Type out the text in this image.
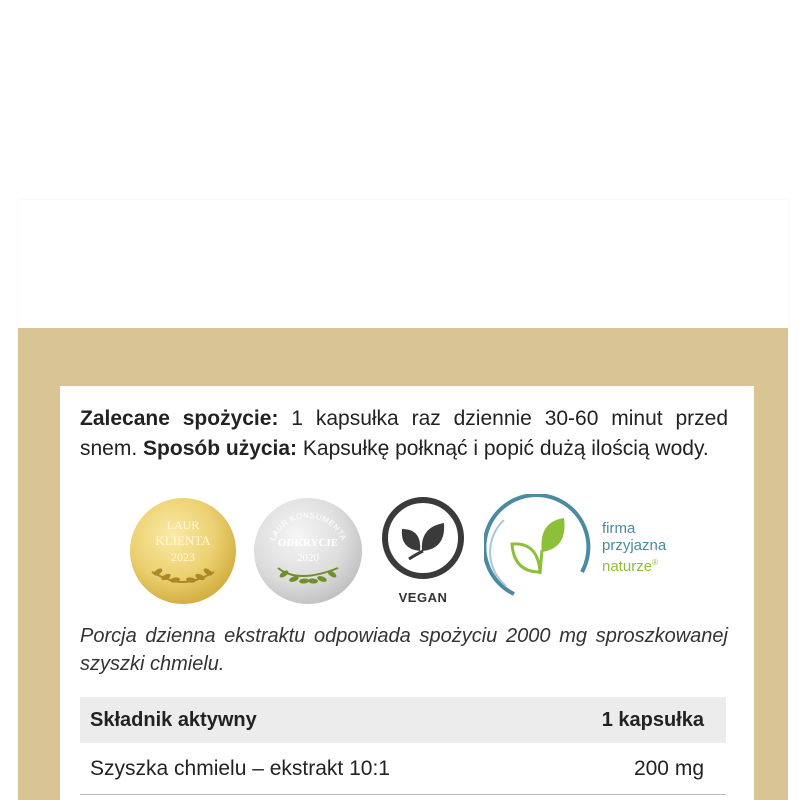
Zalecane spożycie: 1 kapsułka raz dziennie 30-60 minut przed snem. Sposób użycia: Kapsułkę połknąć i popić dużą ilością wody.
LAUR
KLIENTA
2023
LAUR KONSUMENTA
ODKRYCIE
2020
VEGAN
firma
przyjazna
naturze®
Porcja dzienna ekstraktu odpowiada spożyciu 2000 mg sproszkowanej szyszki chmielu.
Składnik aktywny	1 kapsułka
Szyszka chmielu – ekstrakt 10:1	200 mg
